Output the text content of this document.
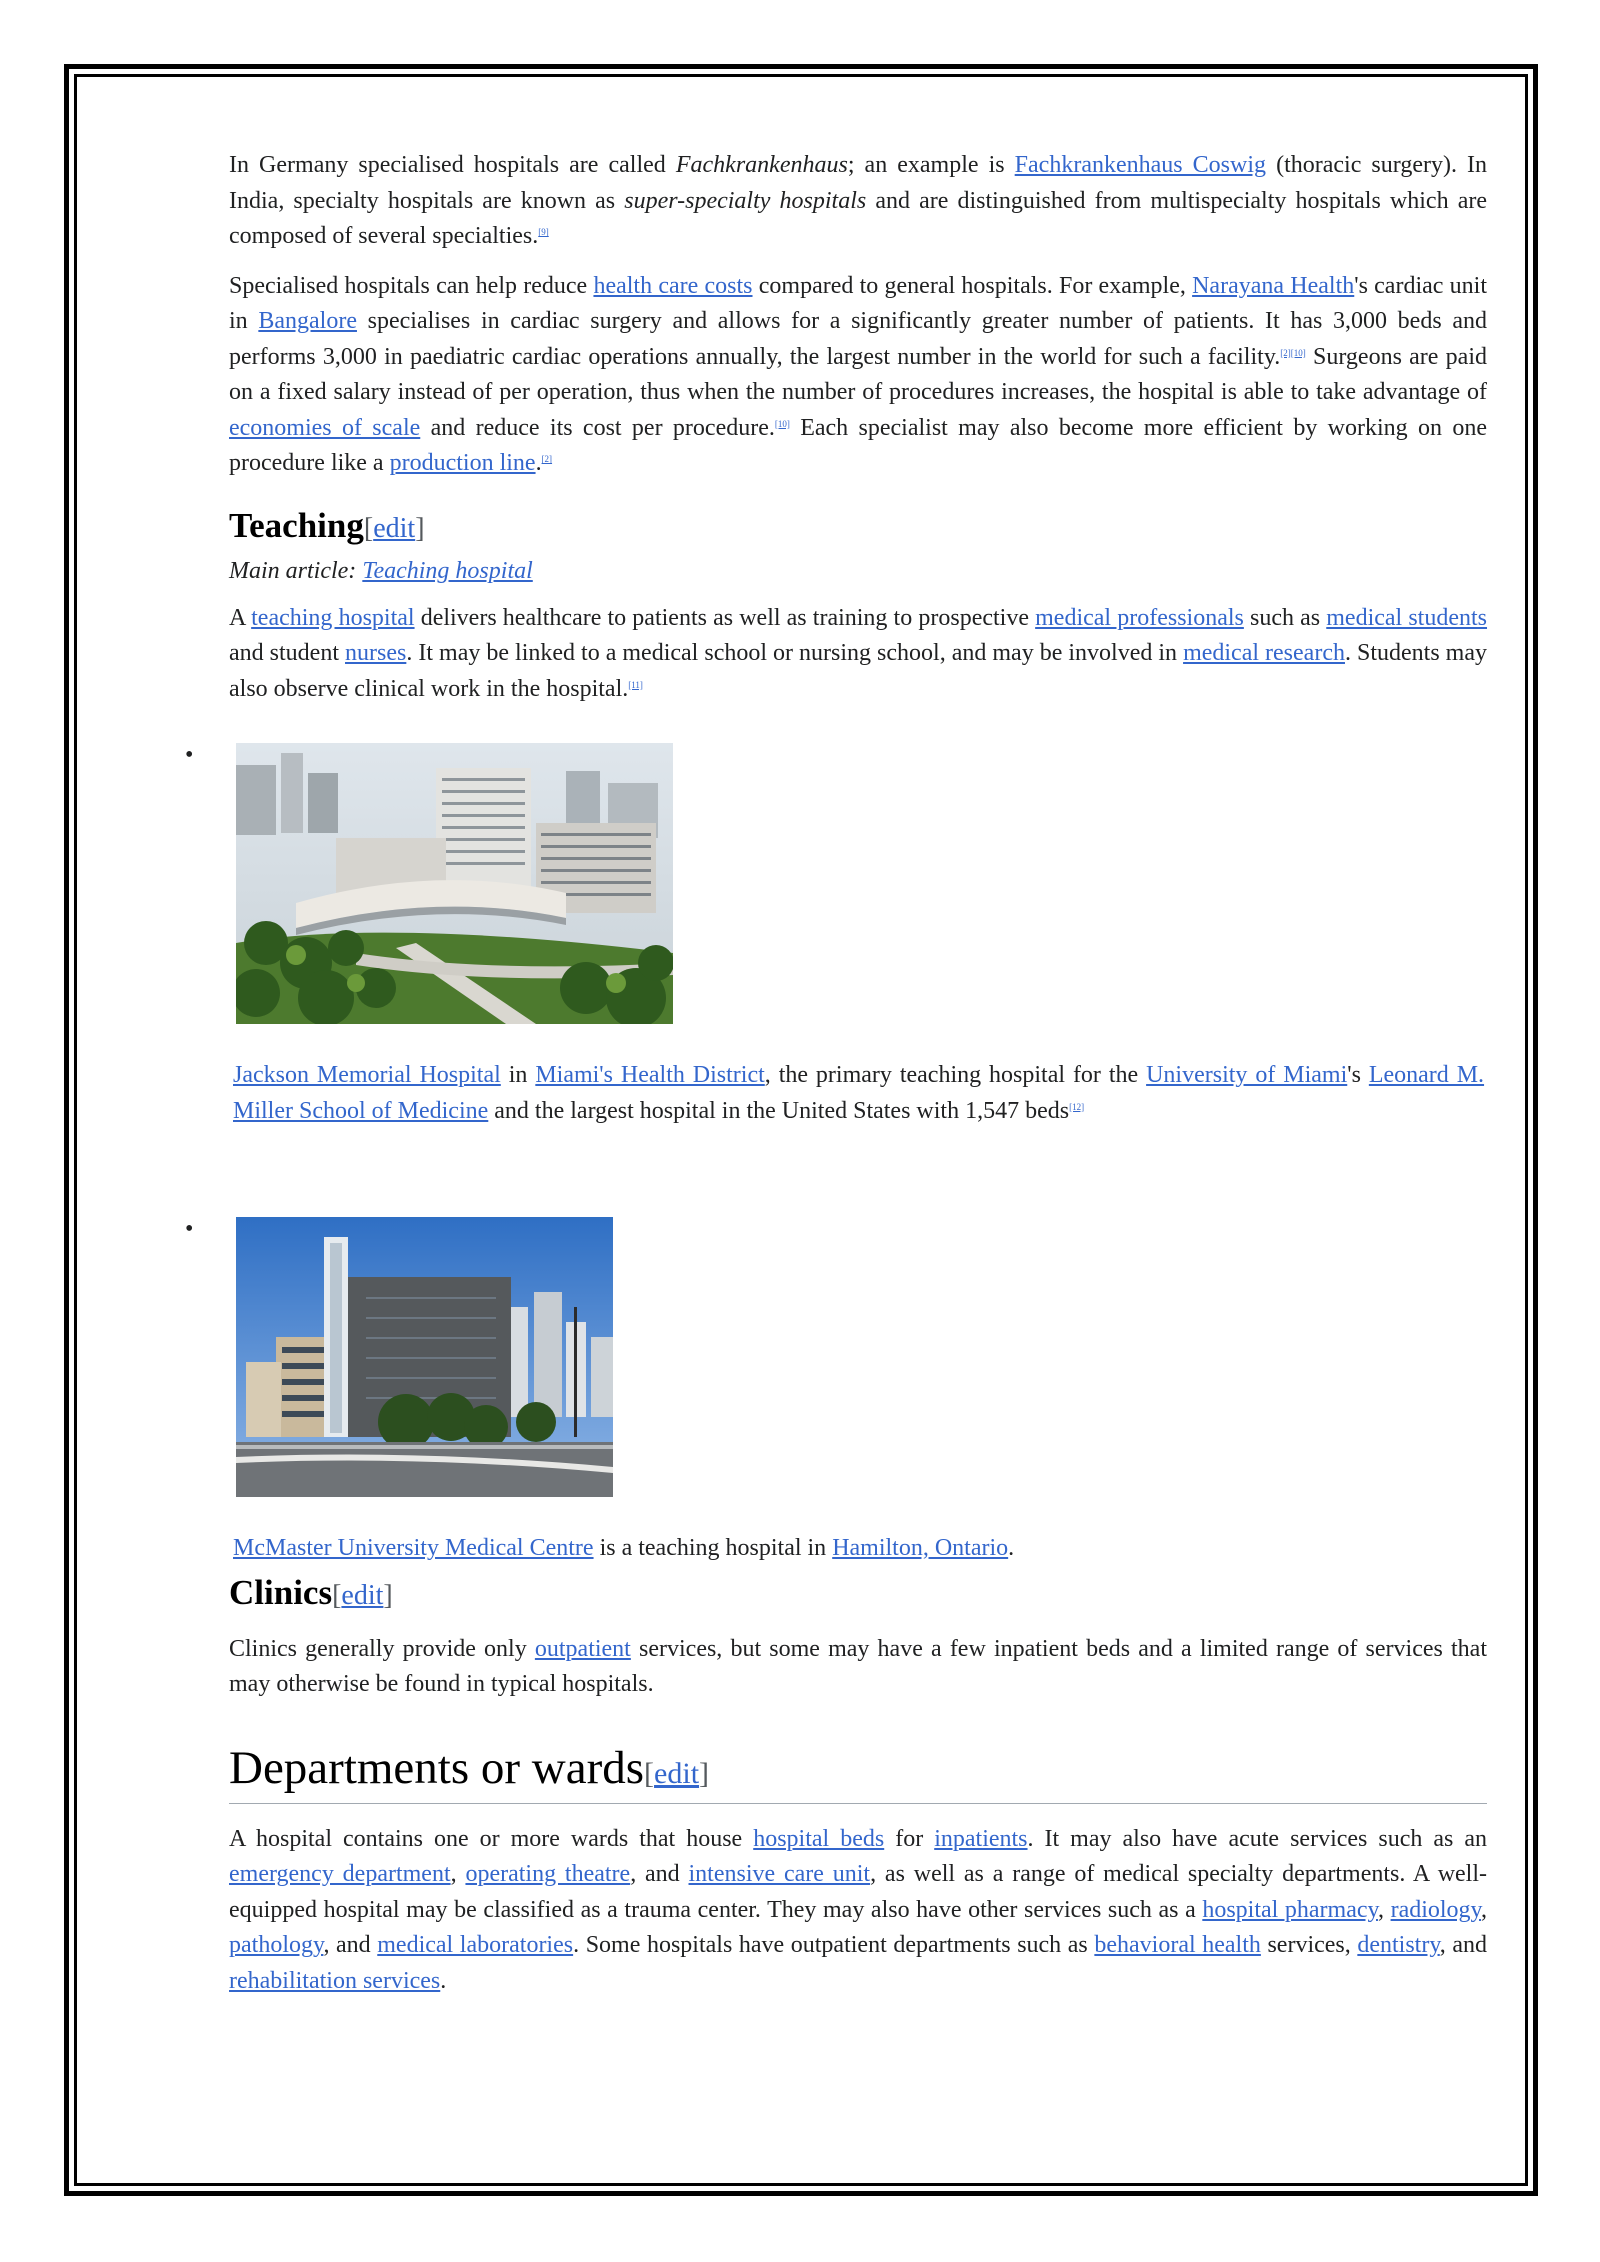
In Germany specialised hospitals are called Fachkrankenhaus; an example is Fachkrankenhaus Coswig (thoracic surgery). In India, specialty hospitals are known as super-specialty hospitals and are distinguished from multispecialty hospitals which are composed of several specialties.[9]

Specialised hospitals can help reduce health care costs compared to general hospitals. For example, Narayana Health's cardiac unit in Bangalore specialises in cardiac surgery and allows for a significantly greater number of patients. It has 3,000 beds and performs 3,000 in paediatric cardiac operations annually, the largest number in the world for such a facility.[2][10] Surgeons are paid on a fixed salary instead of per operation, thus when the number of procedures increases, the hospital is able to take advantage of economies of scale and reduce its cost per procedure.[10] Each specialist may also become more efficient by working on one procedure like a production line.[2]

Teaching[edit]
Main article: Teaching hospital

A teaching hospital delivers healthcare to patients as well as training to prospective medical professionals such as medical students and student nurses. It may be linked to a medical school or nursing school, and may be involved in medical research. Students may also observe clinical work in the hospital.[11]

•

Jackson Memorial Hospital in Miami's Health District, the primary teaching hospital for the University of Miami's Leonard M. Miller School of Medicine and the largest hospital in the United States with 1,547 beds[12]

•

McMaster University Medical Centre is a teaching hospital in Hamilton, Ontario.

Clinics[edit]

Clinics generally provide only outpatient services, but some may have a few inpatient beds and a limited range of services that may otherwise be found in typical hospitals.

Departments or wards[edit]

A hospital contains one or more wards that house hospital beds for inpatients. It may also have acute services such as an emergency department, operating theatre, and intensive care unit, as well as a range of medical specialty departments. A well-equipped hospital may be classified as a trauma center. They may also have other services such as a hospital pharmacy, radiology, pathology, and medical laboratories. Some hospitals have outpatient departments such as behavioral health services, dentistry, and rehabilitation services.
